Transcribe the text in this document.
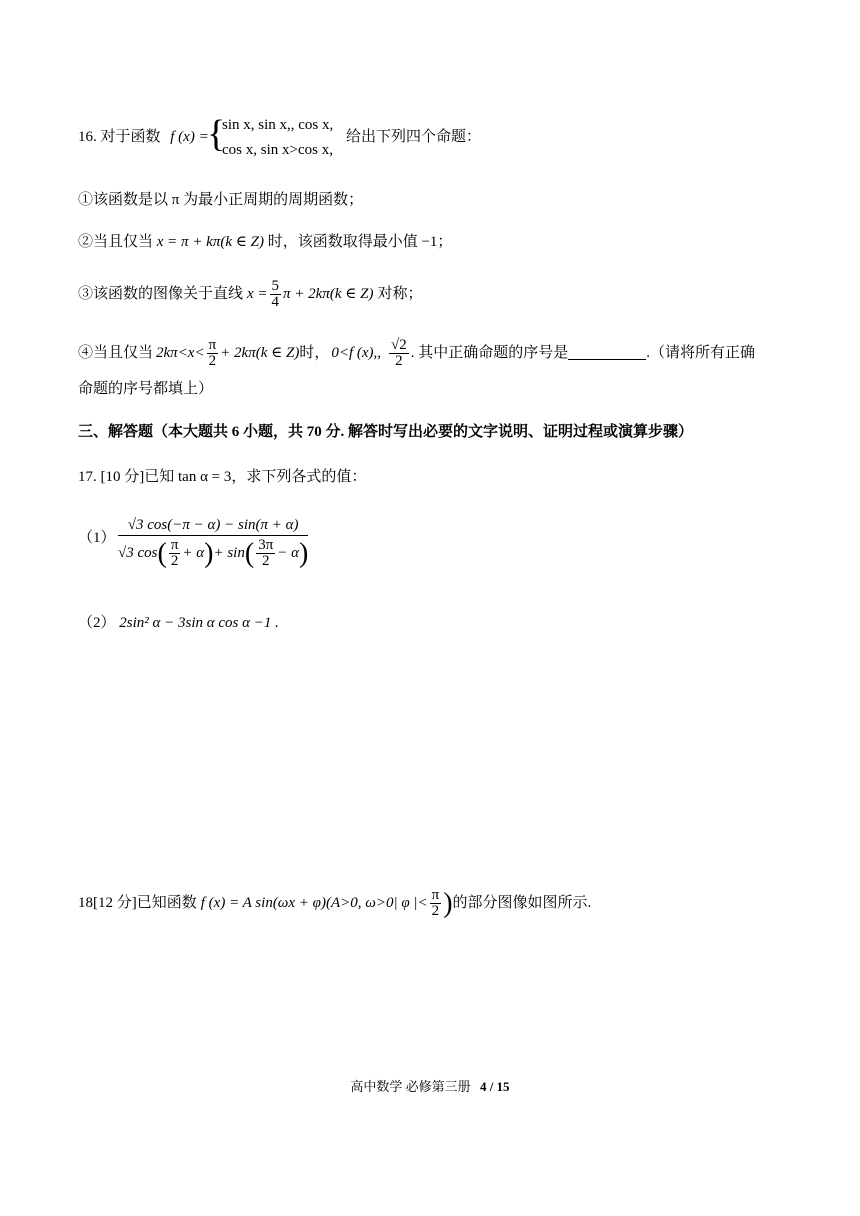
16. 对于函数 f (x) =
{
sin x, sin x,, cos x,
cos x, sin x>cos x,
给出下列四个命题：
①该函数是以 π 为最小正周期的周期函数；
②当且仅当 x = π + kπ(k ∈ Z) 时，该函数取得最小值 −1；
③该函数的图像关于直线 $x = \frac{5}{4}$ π + 2kπ(k ∈ Z) 对称；
④当且仅当 $2k\pi<x< \frac{\pi}{2} + 2k\pi(k$ ∈ Z) 时， 0<f (x),, $\frac{√2}{2}$ . 其中正确命题的序号是	.（请将所有正确
命题的序号都填上）
三、解答题（本大题共 6 小题，共 70 分. 解答时写出必要的文字说明、证明过程或演算步骤）
17. [10 分]已知 tan α = 3，求下列各式的值：
（1）
√3 cos(−π − α) − sin(π + α)
√3 cos ( $\frac{\pi}{2} + \alpha$ ) + sin ( $\frac{3\pi}{2} - \alpha$ )
（2） 2sin² α − 3sin α cos α −1 .
18[12 分]已知函数 f (x) = A sin(ωx + φ)(A>0, ω>0| φ |< $\frac{\pi}{2}$ ) 的部分图像如图所示.
高中数学 必修第三册 4 / 15
